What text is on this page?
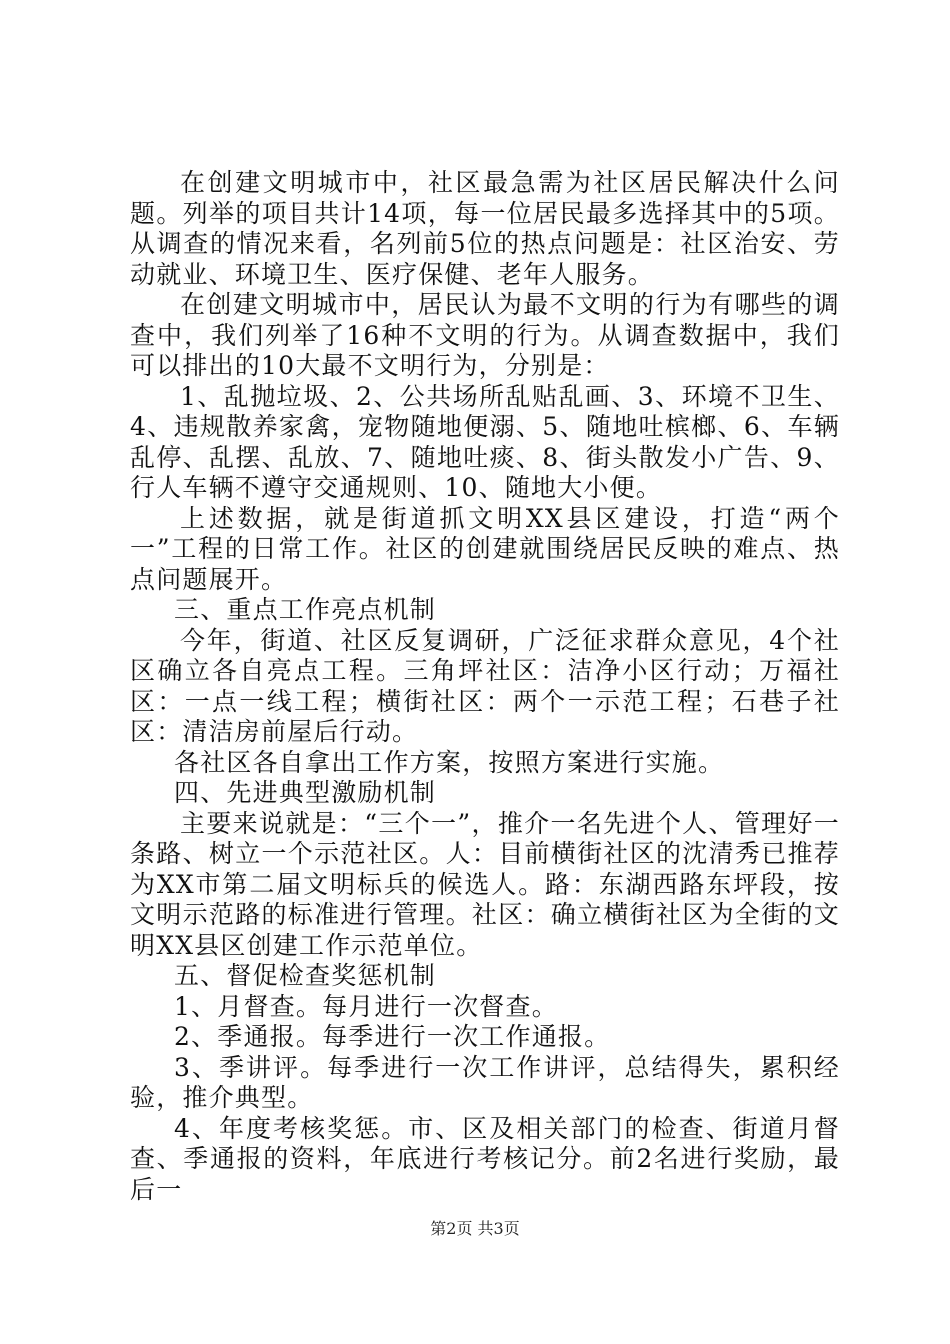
在创建文明城市中，社区最急需为社区居民解决什么问题。列举的项目共计14项，每一位居民最多选择其中的5项。从调查的情况来看，名列前5位的热点问题是：社区治安、劳动就业、环境卫生、医疗保健、老年人服务。

在创建文明城市中，居民认为最不文明的行为有哪些的调查中，我们列举了16种不文明的行为。从调查数据中，我们可以排出的10大最不文明行为，分别是：

1、乱抛垃圾、2、公共场所乱贴乱画、3、环境不卫生、4、违规散养家禽，宠物随地便溺、5、随地吐槟榔、6、车辆乱停、乱摆、乱放、7、随地吐痰、8、街头散发小广告、9、行人车辆不遵守交通规则、10、随地大小便。

上述数据，就是街道抓文明XX县区建设，打造“两个一”工程的日常工作。社区的创建就围绕居民反映的难点、热点问题展开。

三、重点工作亮点机制

今年，街道、社区反复调研，广泛征求群众意见，4个社区确立各自亮点工程。三角坪社区：洁净小区行动；万福社区：一点一线工程；横街社区：两个一示范工程；石巷子社区：清洁房前屋后行动。

各社区各自拿出工作方案，按照方案进行实施。

四、先进典型激励机制

主要来说就是：“三个一”，推介一名先进个人、管理好一条路、树立一个示范社区。人：目前横街社区的沈清秀已推荐为XX市第二届文明标兵的候选人。路：东湖西路东坪段，按文明示范路的标准进行管理。社区：确立横街社区为全街的文明XX县区创建工作示范单位。

五、督促检查奖惩机制

1、月督查。每月进行一次督查。

2、季通报。每季进行一次工作通报。

3、季讲评。每季进行一次工作讲评，总结得失，累积经验，推介典型。

4、年度考核奖惩。市、区及相关部门的检查、街道月督查、季通报的资料，年底进行考核记分。前2名进行奖励，最后一

第2页 共3页
